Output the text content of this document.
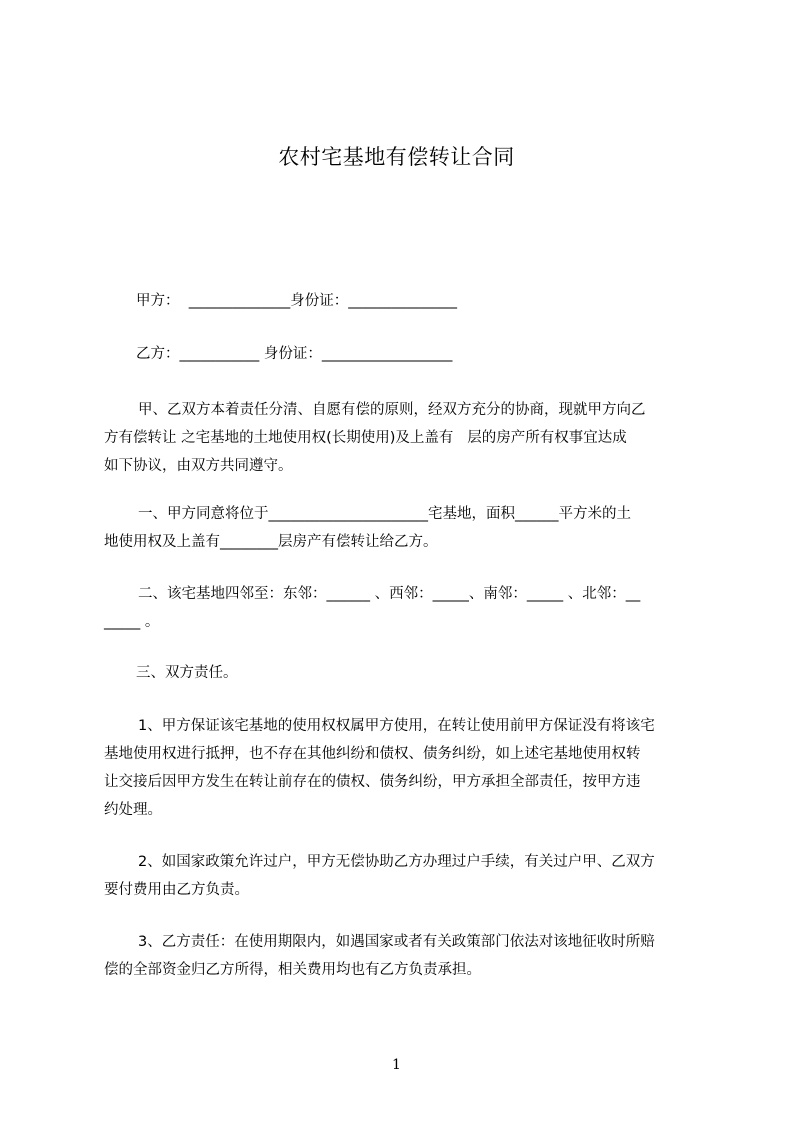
农村宅基地有偿转让合同
甲方：  ______________身份证：_______________
乙方：___________ 身份证：__________________
甲、乙双方本着责任分清、自愿有偿的原则，经双方充分的协商，现就甲方向乙
方有偿转让 之宅基地的土地使用权(长期使用)及上盖有   层的房产所有权事宜达成
如下协议，由双方共同遵守。
一、甲方同意将位于______________________宅基地，面积______平方米的土
地使用权及上盖有________层房产有偿转让给乙方。
二、该宅基地四邻至：东邻：______ 、西邻：_____、南邻：_____ 、北邻：__
_____ 。
三、双方责任。
1、甲方保证该宅基地的使用权权属甲方使用，在转让使用前甲方保证没有将该宅
基地使用权进行抵押，也不存在其他纠纷和债权、债务纠纷，如上述宅基地使用权转
让交接后因甲方发生在转让前存在的债权、债务纠纷，甲方承担全部责任，按甲方违
约处理。
2、如国家政策允许过户，甲方无偿协助乙方办理过户手续，有关过户甲、乙双方
要付费用由乙方负责。
3、乙方责任：在使用期限内，如遇国家或者有关政策部门依法对该地征收时所赔
偿的全部资金归乙方所得，相关费用均也有乙方负责承担。
1
